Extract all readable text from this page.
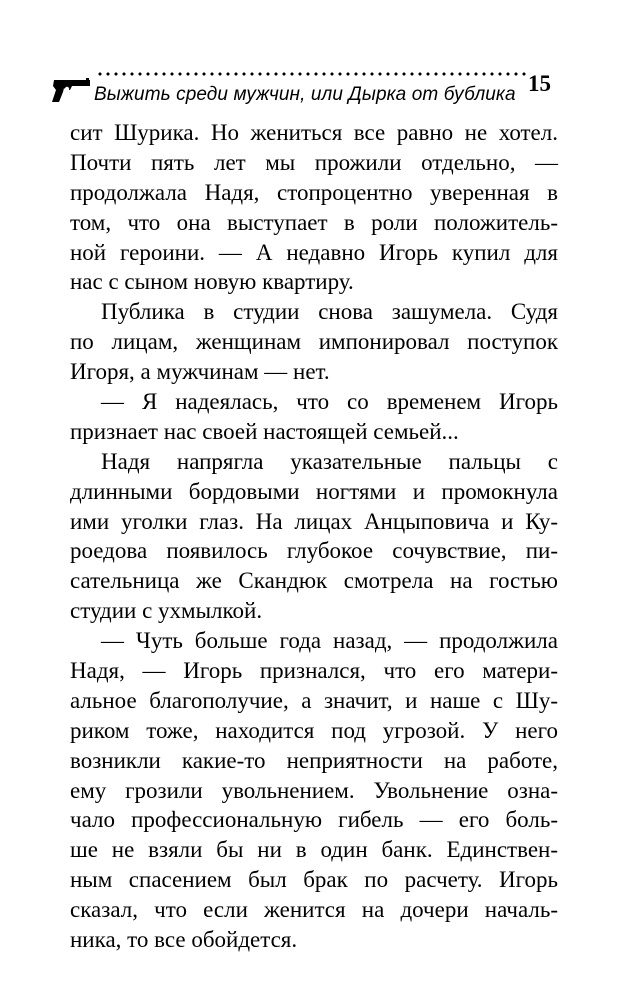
Выжить среди мужчин, или Дырка от бублика 15
сит Шурика. Но жениться все равно не хотел.
Почти пять лет мы прожили отдельно, —
продолжала Надя, стопроцентно уверенная в
том, что она выступает в роли положитель-
ной героини. — А недавно Игорь купил для
нас с сыном новую квартиру.
Публика в студии снова зашумела. Судя
по лицам, женщинам импонировал поступок
Игоря, а мужчинам — нет.
— Я надеялась, что со временем Игорь
признает нас своей настоящей семьей...
Надя напрягла указательные пальцы с
длинными бордовыми ногтями и промокнула
ими уголки глаз. На лицах Анцыповича и Ку-
роедова появилось глубокое сочувствие, пи-
сательница же Скандюк смотрела на гостью
студии с ухмылкой.
— Чуть больше года назад, — продолжила
Надя, — Игорь признался, что его матери-
альное благополучие, а значит, и наше с Шу-
риком тоже, находится под угрозой. У него
возникли какие-то неприятности на работе,
ему грозили увольнением. Увольнение озна-
чало профессиональную гибель — его боль-
ше не взяли бы ни в один банк. Единствен-
ным спасением был брак по расчету. Игорь
сказал, что если женится на дочери началь-
ника, то все обойдется.
